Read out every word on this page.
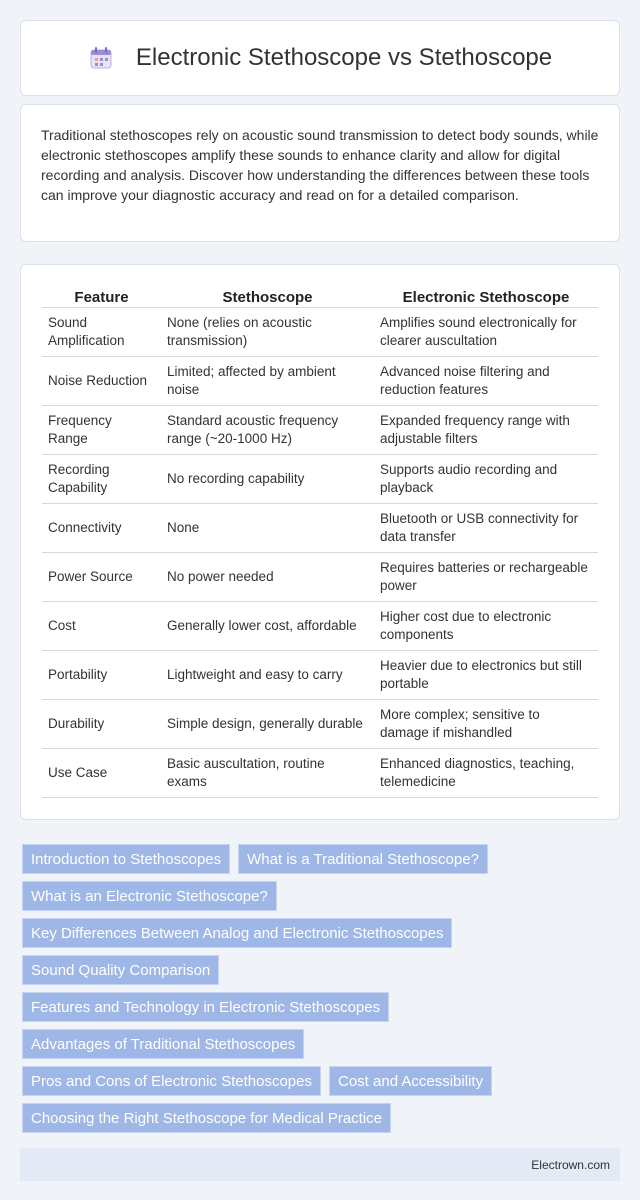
Electronic Stethoscope vs Stethoscope

Traditional stethoscopes rely on acoustic sound transmission to detect body sounds, while electronic stethoscopes amplify these sounds to enhance clarity and allow for digital recording and analysis. Discover how understanding the differences between these tools can improve your diagnostic accuracy and read on for a detailed comparison.

Feature	Stethoscope	Electronic Stethoscope
Sound Amplification	None (relies on acoustic transmission)	Amplifies sound electronically for clearer auscultation
Noise Reduction	Limited; affected by ambient noise	Advanced noise filtering and reduction features
Frequency Range	Standard acoustic frequency range (~20-1000 Hz)	Expanded frequency range with adjustable filters
Recording Capability	No recording capability	Supports audio recording and playback
Connectivity	None	Bluetooth or USB connectivity for data transfer
Power Source	No power needed	Requires batteries or rechargeable power
Cost	Generally lower cost, affordable	Higher cost due to electronic components
Portability	Lightweight and easy to carry	Heavier due to electronics but still portable
Durability	Simple design, generally durable	More complex; sensitive to damage if mishandled
Use Case	Basic auscultation, routine exams	Enhanced diagnostics, teaching, telemedicine
Introduction to Stethoscopes	What is a Traditional Stethoscope?
What is an Electronic Stethoscope?
Key Differences Between Analog and Electronic Stethoscopes
Sound Quality Comparison
Features and Technology in Electronic Stethoscopes
Advantages of Traditional Stethoscopes
Pros and Cons of Electronic Stethoscopes	Cost and Accessibility
Choosing the Right Stethoscope for Medical Practice
Electrown.com
